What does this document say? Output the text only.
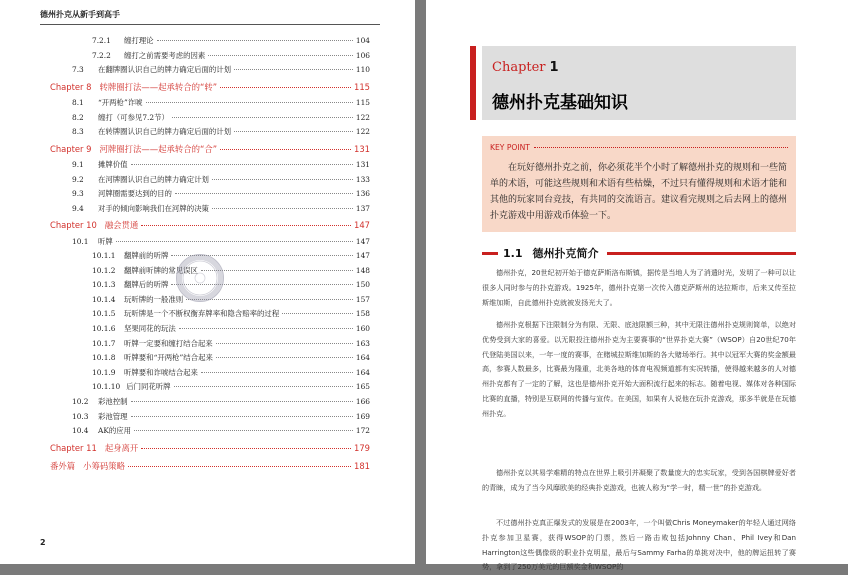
德州扑克从新手到高手
7.2.1	缠打理论	104
7.2.2	缠打之前需要考虑的因素	106
7.3	在翻牌圈认识自己的牌力确定后面的计划	110
Chapter 8 转牌圈打法——起承转合的“转”	115
8.1	“开两枪”诈唬	115
8.2	缠打（可参见7.2节）	122
8.3	在转牌圈认识自己的牌力确定后面的计划	122
Chapter 9 河牌圈打法——起承转合的“合”	131
9.1	摊牌价值	131
9.2	在河牌圈认识自己的牌力确定计划	133
9.3	河牌圈需要达到的目的	136
9.4	对手的倾向影响我们在河牌的决策	137
Chapter 10 融会贯通	147
10.1	听牌	147
10.1.1	翻牌前的听牌	147
10.1.2	翻牌前听牌的常见误区	148
10.1.3	翻牌后的听牌	150
10.1.4	玩听牌的一般准则	157
10.1.5	玩听牌是一个不断权衡弃牌率和隐含赔率的过程	158
10.1.6	坚果同花的玩法	160
10.1.7	听牌一定要和缠打结合起来	163
10.1.8	听牌要和“开两枪”结合起来	164
10.1.9	听牌要和诈唬结合起来	164
10.1.10 后门同花听牌	165
10.2	彩池控制	166
10.3	彩池管理	169
10.4	AK的应用	172
Chapter 11 起身离开	179
番外篇 小筹码策略	181
2
Chapter 1
德州扑克基础知识
KEY POINT

在玩好德州扑克之前，你必须花半个小时了解德州扑克的规则和一些简单的术语，可能这些规则和术语有些枯燥，不过只有懂得规则和术语才能和其他的玩家同台竞技，有共同的交流语言。建议看完规则之后去网上的德州扑克游戏中用游戏币体验一下。

1.1 德州扑克简介

德州扑克，20世纪初开始于德克萨斯洛布斯镇，据传是当地人为了消遣时光，发明了一种可以让很多人同时参与的扑克游戏。1925年，德州扑克第一次传入德克萨斯州的达拉斯市，后来又传至拉斯维加斯，自此德州扑克就被发扬光大了。

德州扑克根据下注限制分为有限、无限、底池限额三种，其中无限注德州扑克规则简单，以绝对优势受到大家的喜爱。以无限投注德州扑克为主要赛事的“世界扑克大赛”（WSOP）自20世纪70年代登陆美国以来，一年一度的赛事，在赌城拉斯维加斯的各大赌场举行。其中以冠军大赛的奖金额最高，参赛人数最多，比赛最为隆重，北美各地的体育电视频道都有实况转播，使得越来越多的人对德州扑克都有了一定的了解，这也是德州扑克开始大面积流行起来的标志。随着电视、媒体对各种国际比赛的直播，特别是互联网的传播与宣传。在美国，如果有人说他在玩扑克游戏，那多半就是在玩德州扑克。

德州扑克以其易学难精的特点在世界上吸引并凝聚了数量庞大的忠实玩家，受到各国棋牌爱好者的青睐，成为了当今风靡欧美的经典扑克游戏，也被人称为“学一时，精一世”的扑克游戏。

不过德州扑克真正爆发式的发展是在2003年，一个叫做Chris Moneymaker的年轻人通过网络扑克参加卫星赛，获得WSOP的门票，然后一路击败包括Johnny Chan、Phil Ivey和Dan Harrington这些偶像级的职业扑克明星，最后与Sammy Farha的单挑对决中，他的牌运扭转了赛势，拿到了250万美元的巨额奖金和WSOP的
